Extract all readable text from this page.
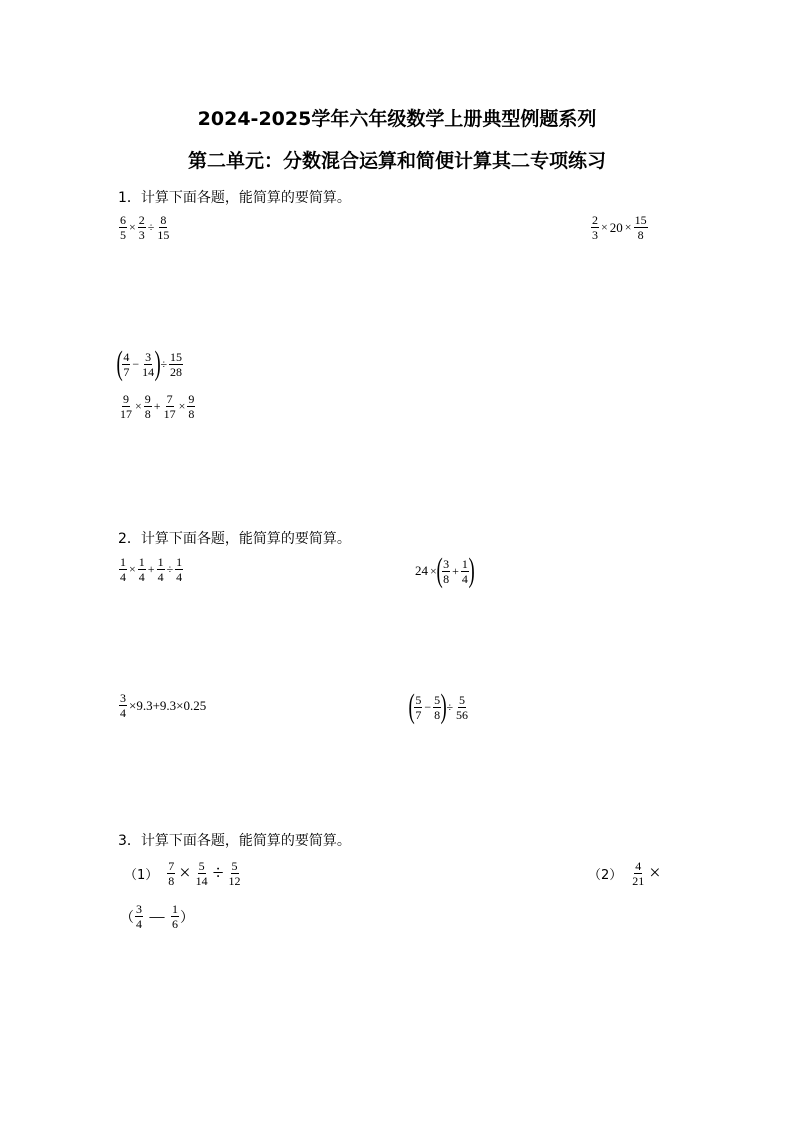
2024-2025学年六年级数学上册典型例题系列
第二单元：分数混合运算和简便计算其二专项练习
1．计算下面各题，能简算的要简算。
$\frac{6}{5} \times \frac{2}{3} \div \frac{8}{15}$	$\frac{2}{3} \times 20 \times \frac{15}{8}$
( $\frac{4}{7} - \frac{3}{14}$ ) ÷ $\frac{15}{28}$
$\frac{9}{17} \times \frac{9}{8} + \frac{7}{17} \times \frac{9}{8}$
2．计算下面各题，能简算的要简算。
$\frac{1}{4} \times \frac{1}{4} + \frac{1}{4} \div \frac{1}{4}$	24 × ( $\frac{3}{8} + \frac{1}{4}$ )
$\frac{3}{4} \times 9.3+9.3\times 0.25$	( $\frac{5}{7} - \frac{5}{8}$ ) ÷ $\frac{5}{56}$
3．计算下面各题，能简算的要简算。
$(1) \frac{7}{8} \times \frac{5}{14} \div \frac{5}{12}$	$(2) \frac{4}{21}$ ×
（ $\frac{3}{4} - \frac{1}{6}$ ）
